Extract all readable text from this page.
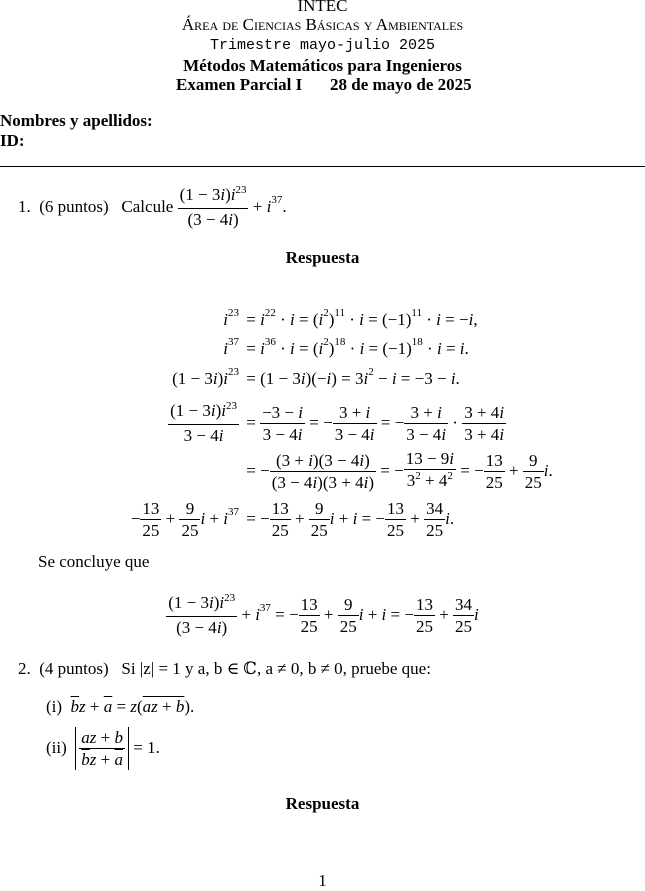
INTEC
Área de Ciencias Básicas y Ambientales
Trimestre mayo-julio 2025
Métodos Matemáticos para Ingenieros
Examen Parcial I 28 de mayo de 2025
Nombres y apellidos:
ID:
1.
(6 puntos)
Calcule
$\frac{(1 - 3i)i^{23}}{(3 - 4i)} + i^{37}$ .
Respuesta
$i^{23} = i^{22} \cdot i$ = ( $i^2$ )$^{11} \cdot i = (-1)^{11} \cdot i$ = − i ,
$i^{37} = i^{36} \cdot i$ = ( $i^2$ )$^{18} \cdot i = (-1)^{18} \cdot i = i$ .
(1 − 3 i ) $i^{23} = (1 - 3$ i )(− i ) = 3 $i^2 - i = -3 - i$ .
$\frac{(1 - 3i)i^{23}}{3 - 4i} = \frac{-3 - i}{3 - 4i}$ = − $\frac{3 + i}{3 - 4i}$ = − $\frac{3 + i}{3 - 4i} \cdot \frac{3 + 4i}{3 + 4i}$
= − $\frac{(3 + i)(3 - 4i)}{(3 - 4i)(3 + 4i)}$ = − $\frac{13 - 9i}{3^2 + 4^2}$ = − $\frac{13}{25} + \frac{9}{25}$ i .
− $\frac{13}{25} + \frac{9}{25}$ $i + i^{37}$ = − $\frac{13}{25} + \frac{9}{25}$ i + i = − $\frac{13}{25} + \frac{34}{25}$ i .
Se concluye que
$\frac{(1 - 3i)i^{23}}{(3 - 4i)} + i^{37}$ = − $\frac{13}{25} + \frac{9}{25}$ i + i = − $\frac{13}{25} + \frac{34}{25}$ i
2. (4 puntos) Si |z| = 1 y a, b ∈ ℂ, a ≠ 0, b ≠ 0, pruebe que:
(i) $\overline{b}z + \overline{a} = z(az + b)$.
(ii)
$\frac{az + b}{\overline{b}z + \overline{a}} = 1$.
Respuesta
1
